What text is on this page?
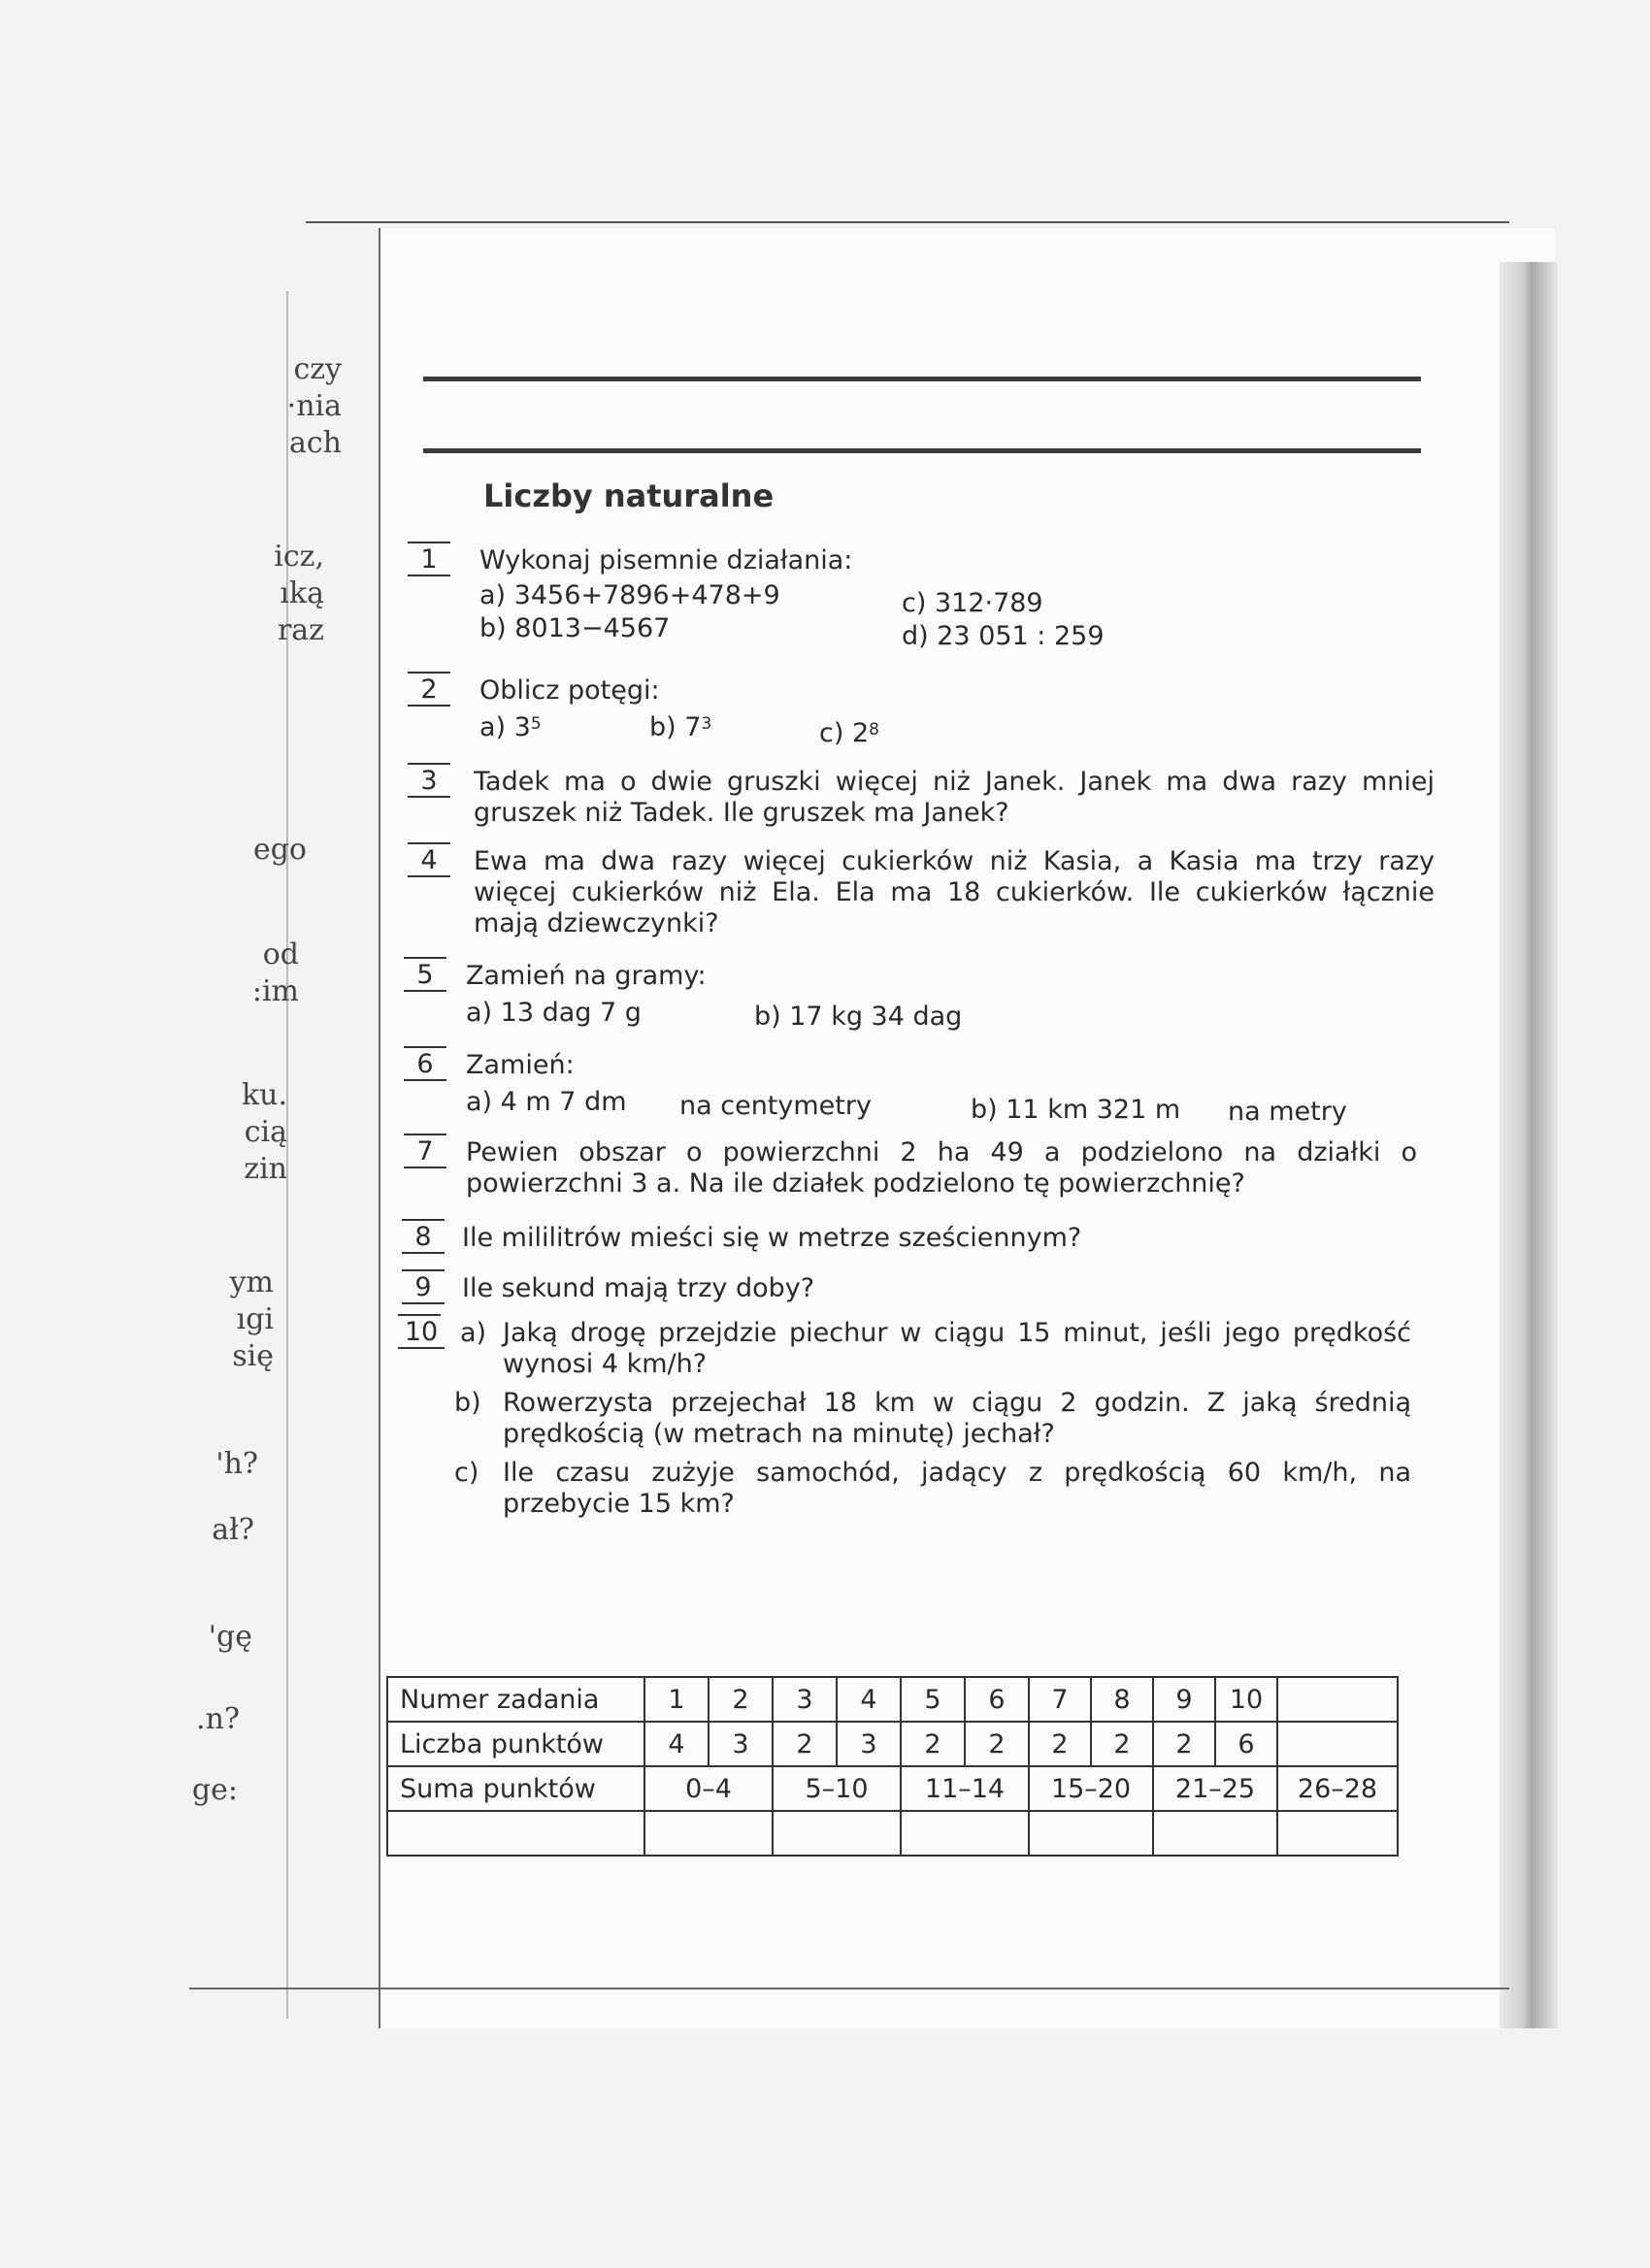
czy
·nia
ach
icz,
ıką
raz
ego
od
:im
ku.
cią
zin
ym
ıgi
się
'h?
ał?
'gę
.n?
ge:
Liczby naturalne
1	Wykonaj pisemnie działania:
a) 3456+7896+478+9	c) 312·789
b) 8013−4567	d) 23 051 : 259
2	Oblicz potęgi:
a) $3^5$	b) $7^3$	c) $2^8$
3	Tadek ma o dwie gruszki więcej niż Janek. Janek ma dwa razy mniej gruszek niż Tadek. Ile gruszek ma Janek?
4	Ewa ma dwa razy więcej cukierków niż Kasia, a Kasia ma trzy razy więcej cukierków niż Ela. Ela ma 18 cukierków. Ile cukierków łącznie mają dziewczynki?
5	Zamień na gramy:
a) 13 dag 7 g	b) 17 kg 34 dag
6	Zamień:
a) 4 m 7 dm na centymetry	b) 11 km 321 m na metry
7	Pewien obszar o powierzchni 2 ha 49 a podzielono na działki o powierzchni 3 a. Na ile działek podzielono tę powierzchnię?
8	Ile mililitrów mieści się w metrze sześciennym?
9	Ile sekund mają trzy doby?
10 a) Jaką drogę przejdzie piechur w ciągu 15 minut, jeśli jego prędkość wynosi 4 km/h?
b) Rowerzysta przejechał 18 km w ciągu 2 godzin. Z jaką średnią prędkością (w metrach na minutę) jechał?
c) Ile czasu zużyje samochód, jadący z prędkością 60 km/h, na przebycie 15 km?
Numer zadania	1	2	3	4	5	6	7	8	9	10	
Liczba punktów	4	3	2	3	2	2	2	2	2	6	
Suma punktów	0–4		5–10		11–14		15–20		21–25		26–28
